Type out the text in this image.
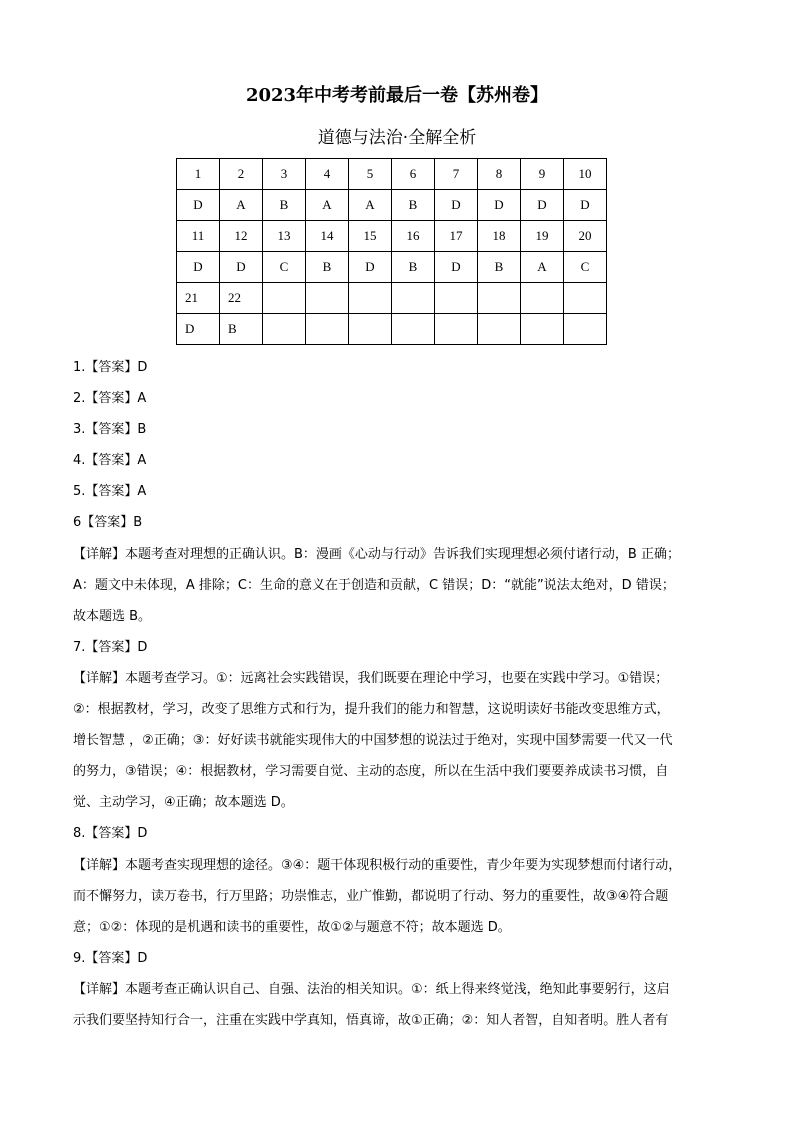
2023年中考考前最后一卷【苏州卷】
道德与法治·全解全析
1	2	3	4	5	6	7	8	9	10
D	A	B	A	A	B	D	D	D	D
11	12	13	14	15	16	17	18	19	20
D	D	C	B	D	B	D	B	A	C
21	22								
D	B								
1.【答案】D
2.【答案】A
3.【答案】B
4.【答案】A
5.【答案】A
6【答案】B
【详解】本题考查对理想的正确认识。B：漫画《心动与行动》告诉我们实现理想必须付诸行动，B 正确；
A：题文中未体现，A 排除；C：生命的意义在于创造和贡献，C 错误；D：“就能”说法太绝对，D 错误；
故本题选 B。
7.【答案】D
【详解】本题考查学习。①：远离社会实践错误，我们既要在理论中学习，也要在实践中学习。①错误；
②：根据教材，学习，改变了思维方式和行为，提升我们的能力和智慧，这说明读好书能改变思维方式，
增长智慧 ，②正确；③：好好读书就能实现伟大的中国梦想的说法过于绝对，实现中国梦需要一代又一代
的努力，③错误；④：根据教材，学习需要自觉、主动的态度，所以在生活中我们要要养成读书习惯，自
觉、主动学习，④正确；故本题选 D。
8.【答案】D
【详解】本题考查实现理想的途径。③④：题干体现积极行动的重要性，青少年要为实现梦想而付诸行动，
而不懈努力，读万卷书，行万里路；功崇惟志，业广惟勤，都说明了行动、努力的重要性，故③④符合题
意；①②：体现的是机遇和读书的重要性，故①②与题意不符；故本题选 D。
9.【答案】D
【详解】本题考查正确认识自己、自强、法治的相关知识。①：纸上得来终觉浅，绝知此事要躬行，这启
示我们要坚持知行合一，注重在实践中学真知，悟真谛，故①正确；②：知人者智，自知者明。胜人者有
